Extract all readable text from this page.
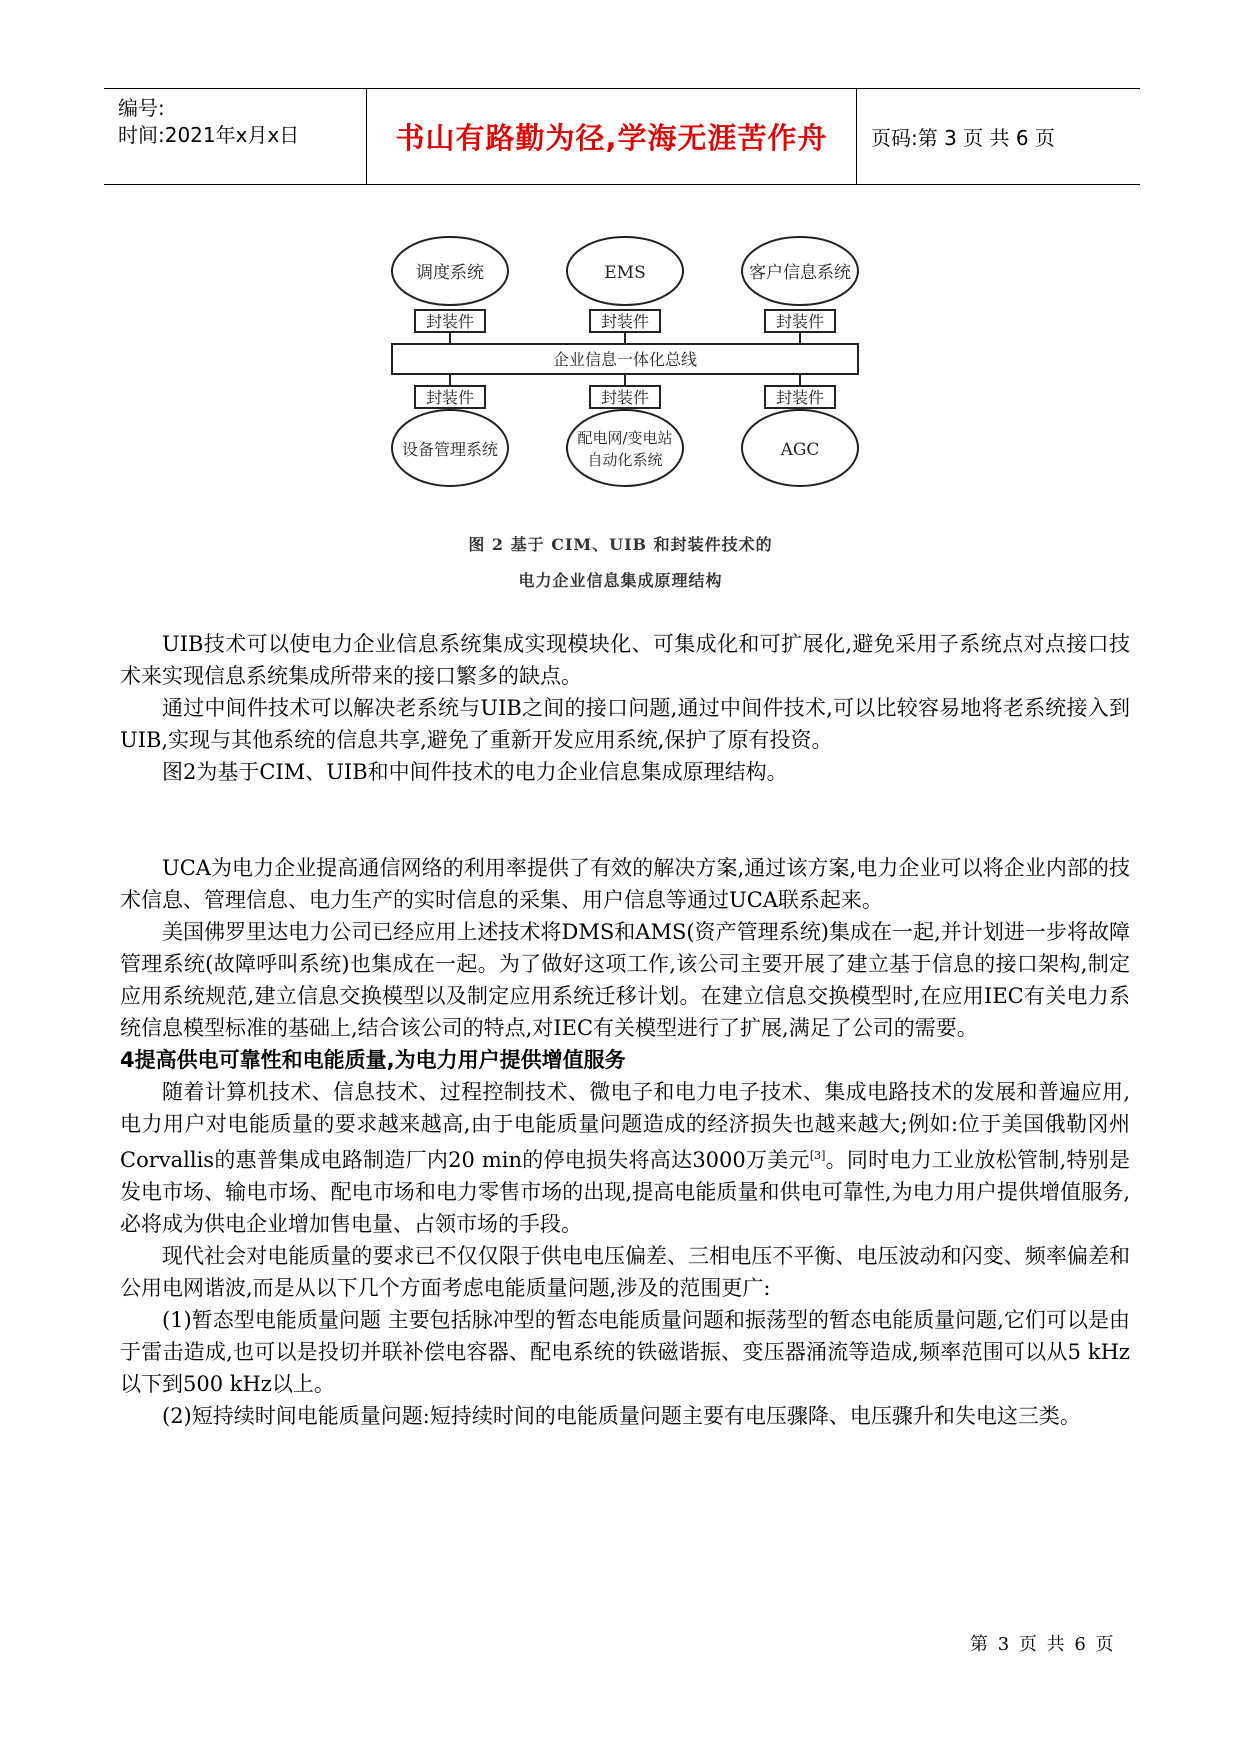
编号:
时间:2021年x月x日	书山有路勤为径,学海无涯苦作舟	页码:第 3 页 共 6 页
调度系统	EMS	客户信息系统
封装件	封装件	封装件
企业信息一体化总线
封装件	封装件	封装件
设备管理系统
配电网/变电站
自动化系统	AGC
图 2 基于 CIM、UIB 和封装件技术的
电力企业信息集成原理结构

UIB技术可以使电力企业信息系统集成实现模块化、可集成化和可扩展化,避免采用子系统点对点接口技术来实现信息系统集成所带来的接口繁多的缺点。

通过中间件技术可以解决老系统与UIB之间的接口问题,通过中间件技术,可以比较容易地将老系统接入到UIB,实现与其他系统的信息共享,避免了重新开发应用系统,保护了原有投资。

图2为基于CIM、UIB和中间件技术的电力企业信息集成原理结构。

UCA为电力企业提高通信网络的利用率提供了有效的解决方案,通过该方案,电力企业可以将企业内部的技术信息、管理信息、电力生产的实时信息的采集、用户信息等通过UCA联系起来。

美国佛罗里达电力公司已经应用上述技术将DMS和AMS(资产管理系统)集成在一起,并计划进一步将故障管理系统(故障呼叫系统)也集成在一起。为了做好这项工作,该公司主要开展了建立基于信息的接口架构,制定应用系统规范,建立信息交换模型以及制定应用系统迁移计划。在建立信息交换模型时,在应用IEC有关电力系统信息模型标准的基础上,结合该公司的特点,对IEC有关模型进行了扩展,满足了公司的需要。

4提高供电可靠性和电能质量,为电力用户提供增值服务

随着计算机技术、信息技术、过程控制技术、微电子和电力电子技术、集成电路技术的发展和普遍应用,电力用户对电能质量的要求越来越高,由于电能质量问题造成的经济损失也越来越大;例如:位于美国俄勒冈州Corvallis的惠普集成电路制造厂内20 min的停电损失将高达3000万美元[3]。同时电力工业放松管制,特别是发电市场、输电市场、配电市场和电力零售市场的出现,提高电能质量和供电可靠性,为电力用户提供增值服务,必将成为供电企业增加售电量、占领市场的手段。

现代社会对电能质量的要求已不仅仅限于供电电压偏差、三相电压不平衡、电压波动和闪变、频率偏差和公用电网谐波,而是从以下几个方面考虑电能质量问题,涉及的范围更广:

(1)暂态型电能质量问题 主要包括脉冲型的暂态电能质量问题和振荡型的暂态电能质量问题,它们可以是由于雷击造成,也可以是投切并联补偿电容器、配电系统的铁磁谐振、变压器涌流等造成,频率范围可以从5 kHz以下到500 kHz以上。

(2)短持续时间电能质量问题:短持续时间的电能质量问题主要有电压骤降、电压骤升和失电这三类。

第 3 页 共 6 页
